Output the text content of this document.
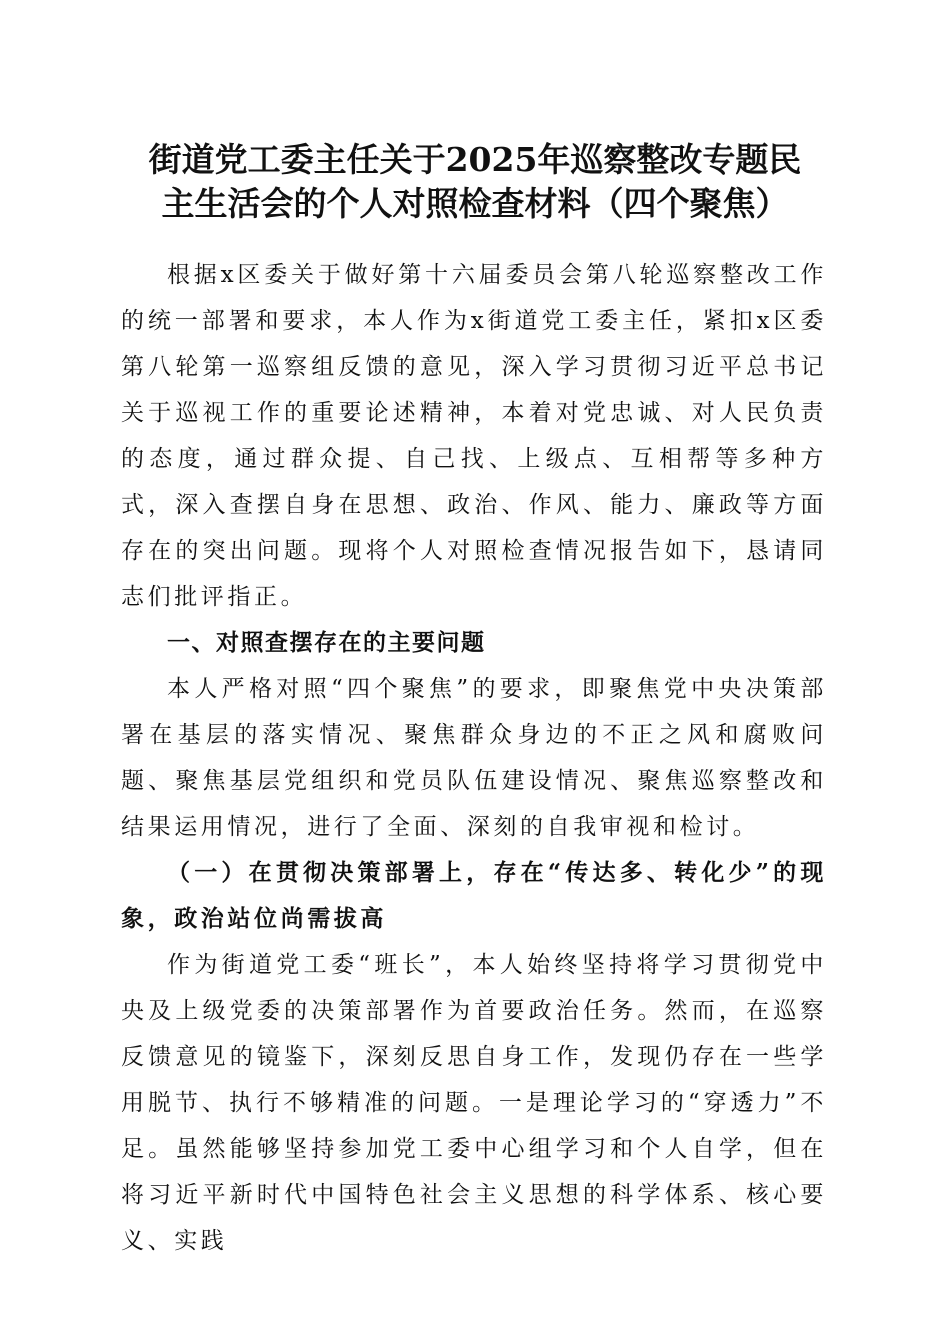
街道党工委主任关于2025年巡察整改专题民
主生活会的个人对照检查材料（四个聚焦）

根据x区委关于做好第十六届委员会第八轮巡察整改工作的统一部署和要求，本人作为x街道党工委主任，紧扣x区委第八轮第一巡察组反馈的意见，深入学习贯彻习近平总书记关于巡视工作的重要论述精神，本着对党忠诚、对人民负责的态度，通过群众提、自己找、上级点、互相帮等多种方式，深入查摆自身在思想、政治、作风、能力、廉政等方面存在的突出问题。现将个人对照检查情况报告如下，恳请同志们批评指正。

一、对照查摆存在的主要问题

本人严格对照“四个聚焦”的要求，即聚焦党中央决策部署在基层的落实情况、聚焦群众身边的不正之风和腐败问题、聚焦基层党组织和党员队伍建设情况、聚焦巡察整改和结果运用情况，进行了全面、深刻的自我审视和检讨。

（一）在贯彻决策部署上，存在“传达多、转化少”的现象，政治站位尚需拔高

作为街道党工委“班长”，本人始终坚持将学习贯彻党中央及上级党委的决策部署作为首要政治任务。然而，在巡察反馈意见的镜鉴下，深刻反思自身工作，发现仍存在一些学用脱节、执行不够精准的问题。一是理论学习的“穿透力”不足。虽然能够坚持参加党工委中心组学习和个人自学，但在将习近平新时代中国特色社会主义思想的科学体系、核心要义、实践
